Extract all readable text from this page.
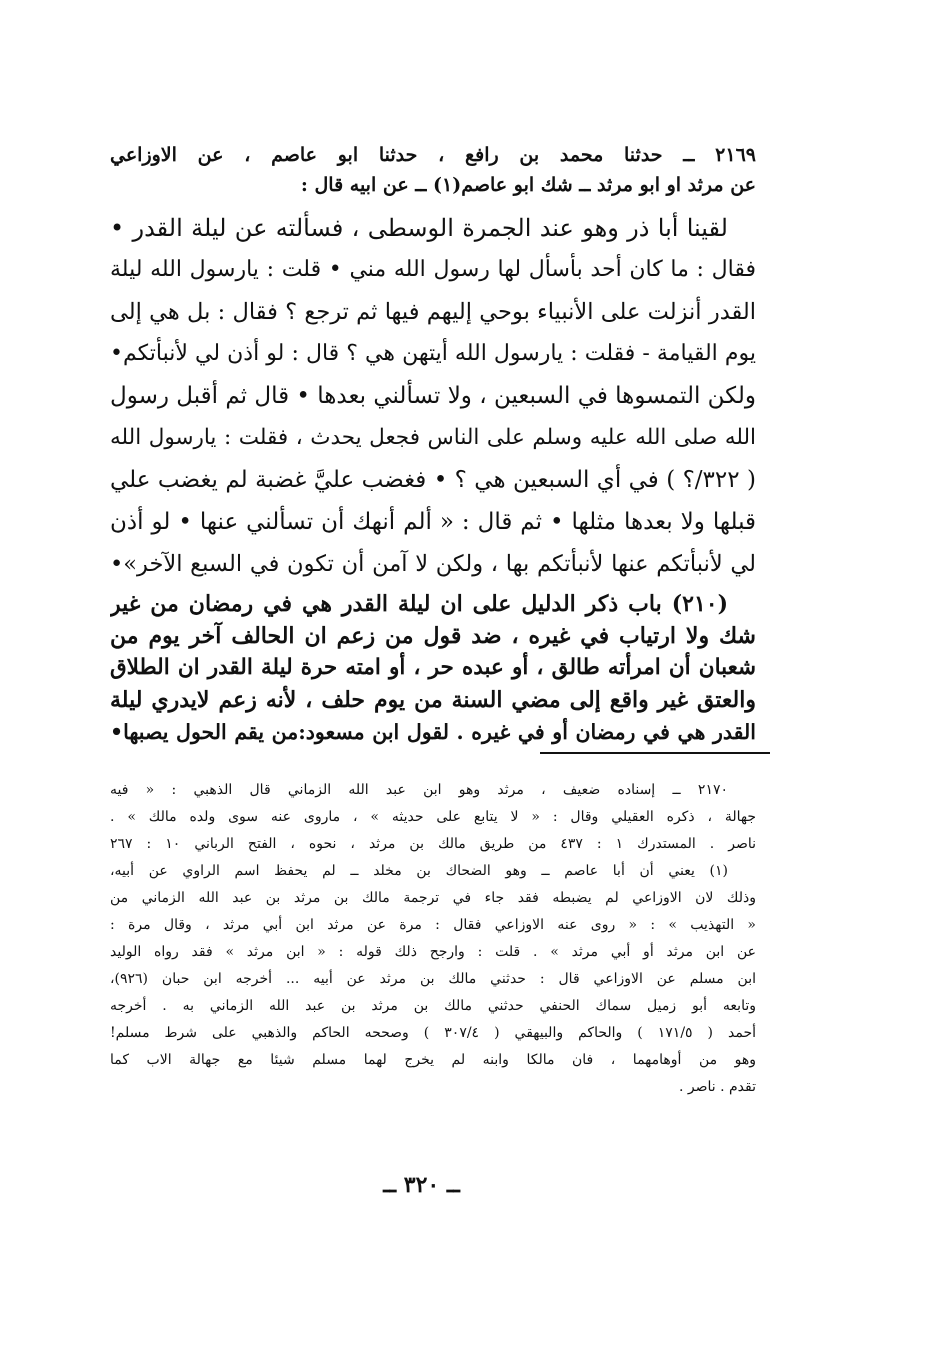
٢١٦٩ ــ حدثنا محمد بن رافع ، حدثنا ابو عاصم ، عن الاوزاعي
عن مرثد او ابو مرثد ــ شك ابو عاصم(١) ــ عن ابيه قال :
لقينا أبا ذر وهو عند الجمرة الوسطى ، فسألته عن ليلة القدر •
فقال : ما كان أحد بأسأل لها رسول الله مني • قلت : يارسول الله ليلة
القدر أنزلت على الأنبياء بوحي إليهم فيها ثم ترجع ؟ فقال : بل هي إلى
يوم القيامة - فقلت : يارسول الله أيتهن هي ؟ قال : لو أذن لي لأنبأتكم•
ولكن التمسوها في السبعين ، ولا تسألني بعدها • قال ثم أقبل رسول
الله صلى الله عليه وسلم على الناس فجعل يحدث ، فقلت : يارسول الله
( ٣٢٢/؟ ) في أي السبعين هي ؟ • فغضب عليَّ غضبة لم يغضب علي
قبلها ولا بعدها مثلها • ثم قال : « ألم أنهك أن تسألني عنها • لو أذن
لي لأنبأتكم عنها لأنبأتكم بها ، ولكن لا آمن أن تكون في السبع الآخر»•
(٢١٠) باب ذكر الدليل على ان ليلة القدر هي في رمضان من غير
شك ولا ارتياب في غيره ، ضد قول من زعم ان الحالف آخر يوم من
شعبان أن امرأته طالق ، أو عبده حر ، أو امته حرة ليلة القدر ان الطلاق
والعتق غير واقع إلى مضي السنة من يوم حلف ، لأنه زعم لايدري ليلة
القدر هي في رمضان أو في غيره . لقول ابن مسعود:من يقم الحول يصبها•
٢١٧٠ ــ إسناده ضعيف ، مرثد وهو ابن عبد الله الزماني قال الذهبي : « فيه
جهالة ، ذكره العقيلي وقال : « لا يتابع على حديثه » ، ماروى عنه سوى ولده مالك » .
ناصر . المستدرك ١ : ٤٣٧ من طريق مالك بن مرثد ، نحوه ، الفتح الرباني ١٠ : ٢٦٧
(١) يعني أن أبا عاصم ــ وهو الضحاك بن مخلد ــ لم يحفظ اسم الراوي عن أبيه،
وذلك لان الاوزاعي لم يضبطه فقد جاء في ترجمة مالك بن مرثد بن عبد الله الزماني من
« التهذيب » : « روى عنه الاوزاعي فقال : مرة عن مرثد ابن أبي مرثد ، وقال مرة :
عن ابن مرثد أو أبي مرثد » . قلت : وارجح ذلك قوله : « ابن مرثد » فقد رواه الوليد
ابن مسلم عن الاوزاعي قال : حدثني مالك بن مرثد عن أبيه ... أخرجه ابن حبان (٩٢٦)،
وتابعه أبو زميل سماك الحنفي حدثني مالك بن مرثد بن عبد الله الزماني به . أخرجه
أحمد ( ١٧١/٥ ) والحاكم والبيهقي ( ٣٠٧/٤ ) وصححه الحاكم والذهبي على شرط مسلم!
وهو من أوهامهما ، فان مالكا وابنه لم يخرج لهما مسلم شيئا مع جهالة الاب كما
تقدم . ناصر .
ــ ٣٢٠ ــ
